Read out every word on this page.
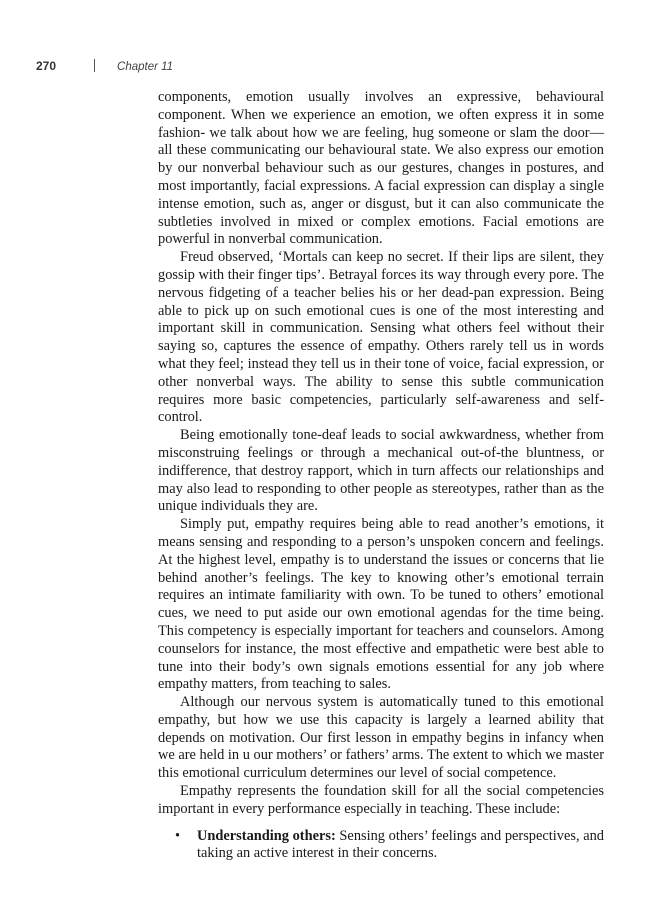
270	Chapter 11

components, emotion usually involves an expressive, behavioural component. When we experience an emotion, we often express it in some fashion- we talk about how we are feeling, hug someone or slam the door—all these communicating our behavioural state. We also express our emotion by our nonverbal behaviour such as our gestures, changes in postures, and most importantly, facial expressions. A facial expression can display a single intense emotion, such as, anger or disgust, but it can also communicate the subtleties involved in mixed or complex emotions. Facial emotions are powerful in nonverbal communication.

Freud observed, ‘Mortals can keep no secret. If their lips are silent, they gossip with their finger tips’. Betrayal forces its way through every pore. The nervous fidgeting of a teacher belies his or her dead-pan expression. Being able to pick up on such emotional cues is one of the most interesting and important skill in communication. Sensing what others feel without their saying so, captures the essence of empathy. Others rarely tell us in words what they feel; instead they tell us in their tone of voice, facial expression, or other nonverbal ways. The ability to sense this subtle communication requires more basic competencies, particularly self-awareness and self-control.

Being emotionally tone-deaf leads to social awkwardness, whether from misconstruing feelings or through a mechanical out-of-the bluntness, or indifference, that destroy rapport, which in turn affects our relationships and may also lead to responding to other people as stereotypes, rather than as the unique individuals they are.

Simply put, empathy requires being able to read another’s emotions, it means sensing and responding to a person’s unspoken concern and feelings. At the highest level, empathy is to understand the issues or concerns that lie behind another’s feelings. The key to knowing other’s emotional terrain requires an intimate familiarity with own. To be tuned to others’ emotional cues, we need to put aside our own emotional agendas for the time being. This competency is especially important for teachers and counselors. Among counselors for instance, the most effective and empathetic were best able to tune into their body’s own signals emotions essential for any job where empathy matters, from teaching to sales.

Although our nervous system is automatically tuned to this emotional empathy, but how we use this capacity is largely a learned ability that depends on motivation. Our first lesson in empathy begins in infancy when we are held in u our mothers’ or fathers’ arms. The extent to which we master this emotional curriculum determines our level of social competence.

Empathy represents the foundation skill for all the social competencies important in every performance especially in teaching. These include:

• Understanding others: Sensing others’ feelings and perspectives, and taking an active interest in their concerns.
